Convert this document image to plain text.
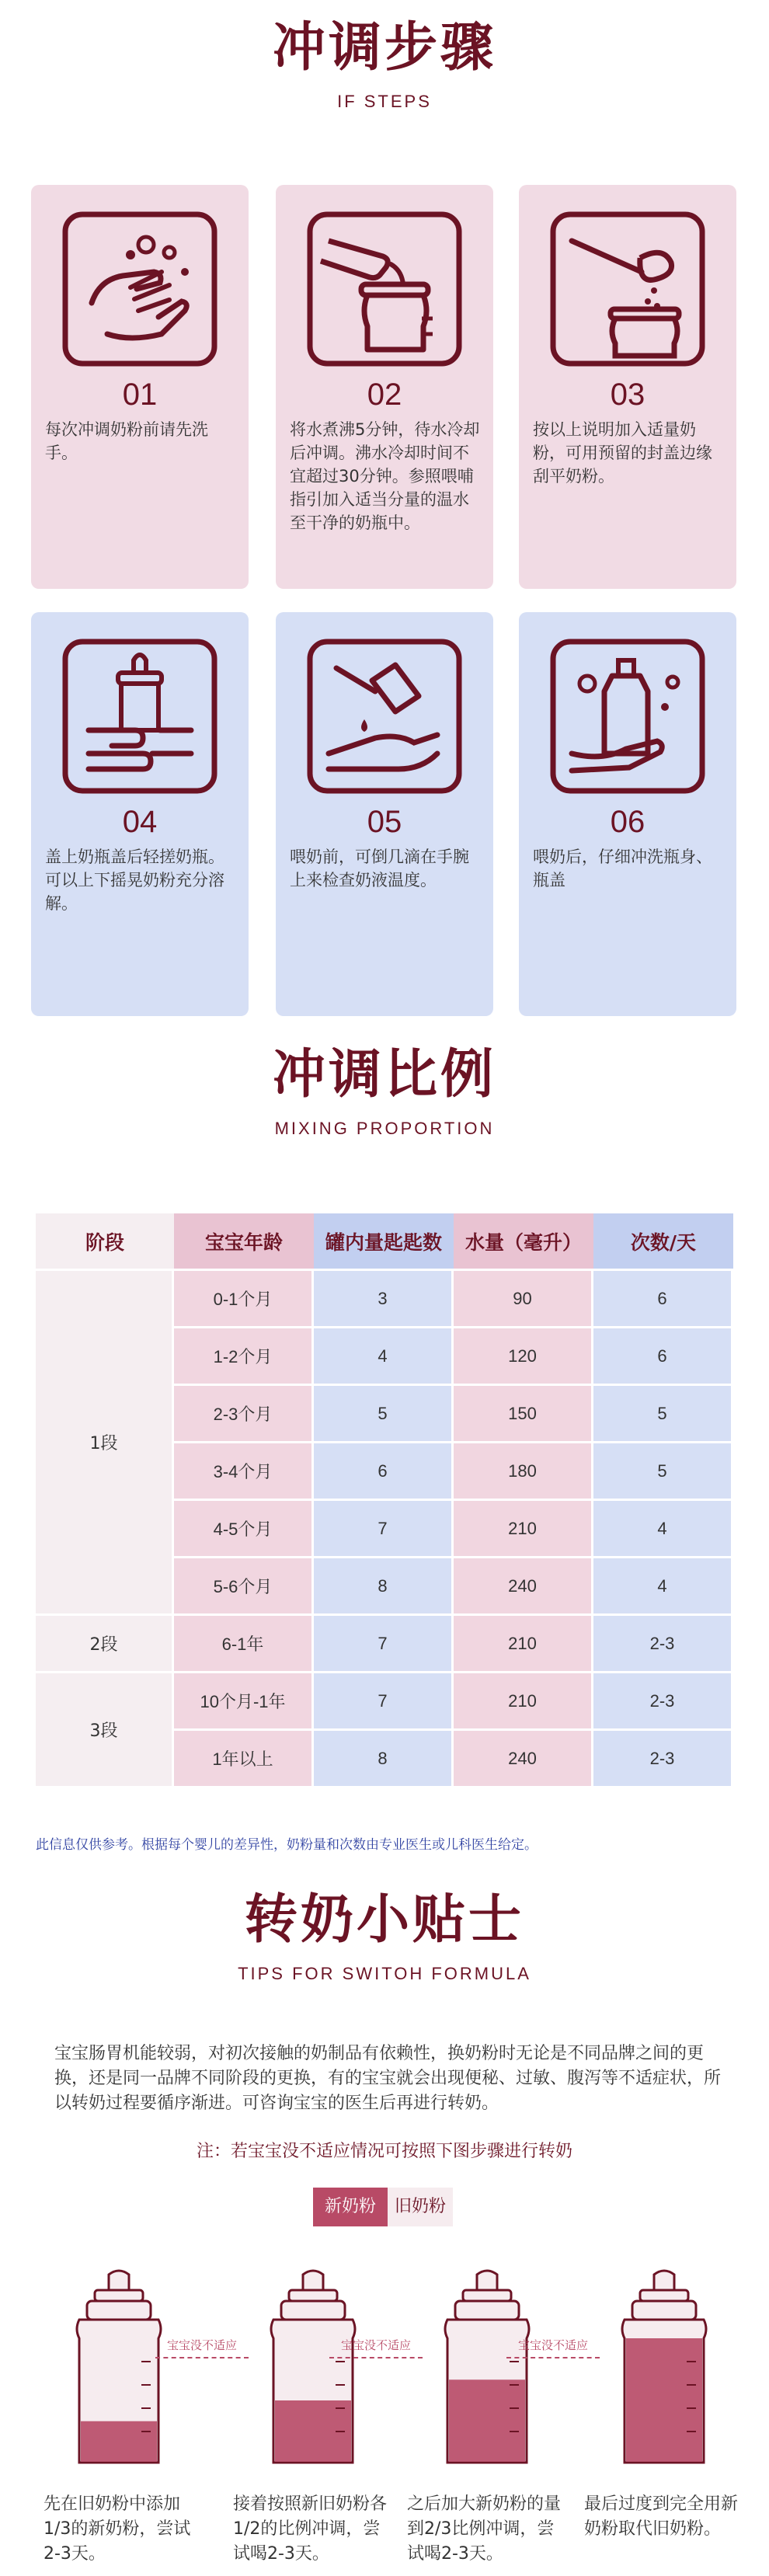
冲调步骤
IF STEPS
01
每次冲调奶粉前请先洗手。
02
将水煮沸5分钟，待水冷却后冲调。沸水冷却时间不宜超过30分钟。参照喂哺指引加入适当分量的温水至干净的奶瓶中。
03
按以上说明加入适量奶粉，可用预留的封盖边缘刮平奶粉。
04
盖上奶瓶盖后轻搓奶瓶。可以上下摇晃奶粉充分溶解。
05
喂奶前，可倒几滴在手腕上来检查奶液温度。
06
喂奶后，仔细冲洗瓶身、瓶盖
冲调比例
MIXING PROPORTION
阶段	宝宝年龄	罐内量匙匙数	水量（毫升）	次数/天
1段	0-1个月	3	90	6
	1-2个月	4	120	6
	2-3个月	5	150	5
	3-4个月	6	180	5
	4-5个月	7	210	4
	5-6个月	8	240	4
2段	6-1年	7	210	2-3
3段	10个月-1年	7	210	2-3
	1年以上	8	240	2-3
此信息仅供参考。根据每个婴儿的差异性，奶粉量和次数由专业医生或儿科医生给定。
转奶小贴士
TIPS FOR SWITOH FORMULA
宝宝肠胃机能较弱，对初次接触的奶制品有依赖性，换奶粉时无论是不同品牌之间的更换，还是同一品牌不同阶段的更换，有的宝宝就会出现便秘、过敏、腹泻等不适症状，所以转奶过程要循序渐进。可咨询宝宝的医生后再进行转奶。
注：若宝宝没不适应情况可按照下图步骤进行转奶
新奶粉	旧奶粉
先在旧奶粉中添加1/3的新奶粉，尝试2-3天。
接着按照新旧奶粉各1/2的比例冲调，尝试喝2-3天。
之后加大新奶粉的量到2/3比例冲调，尝试喝2-3天。
最后过度到完全用新奶粉取代旧奶粉。
宝宝没不适应	宝宝没不适应	宝宝没不适应
